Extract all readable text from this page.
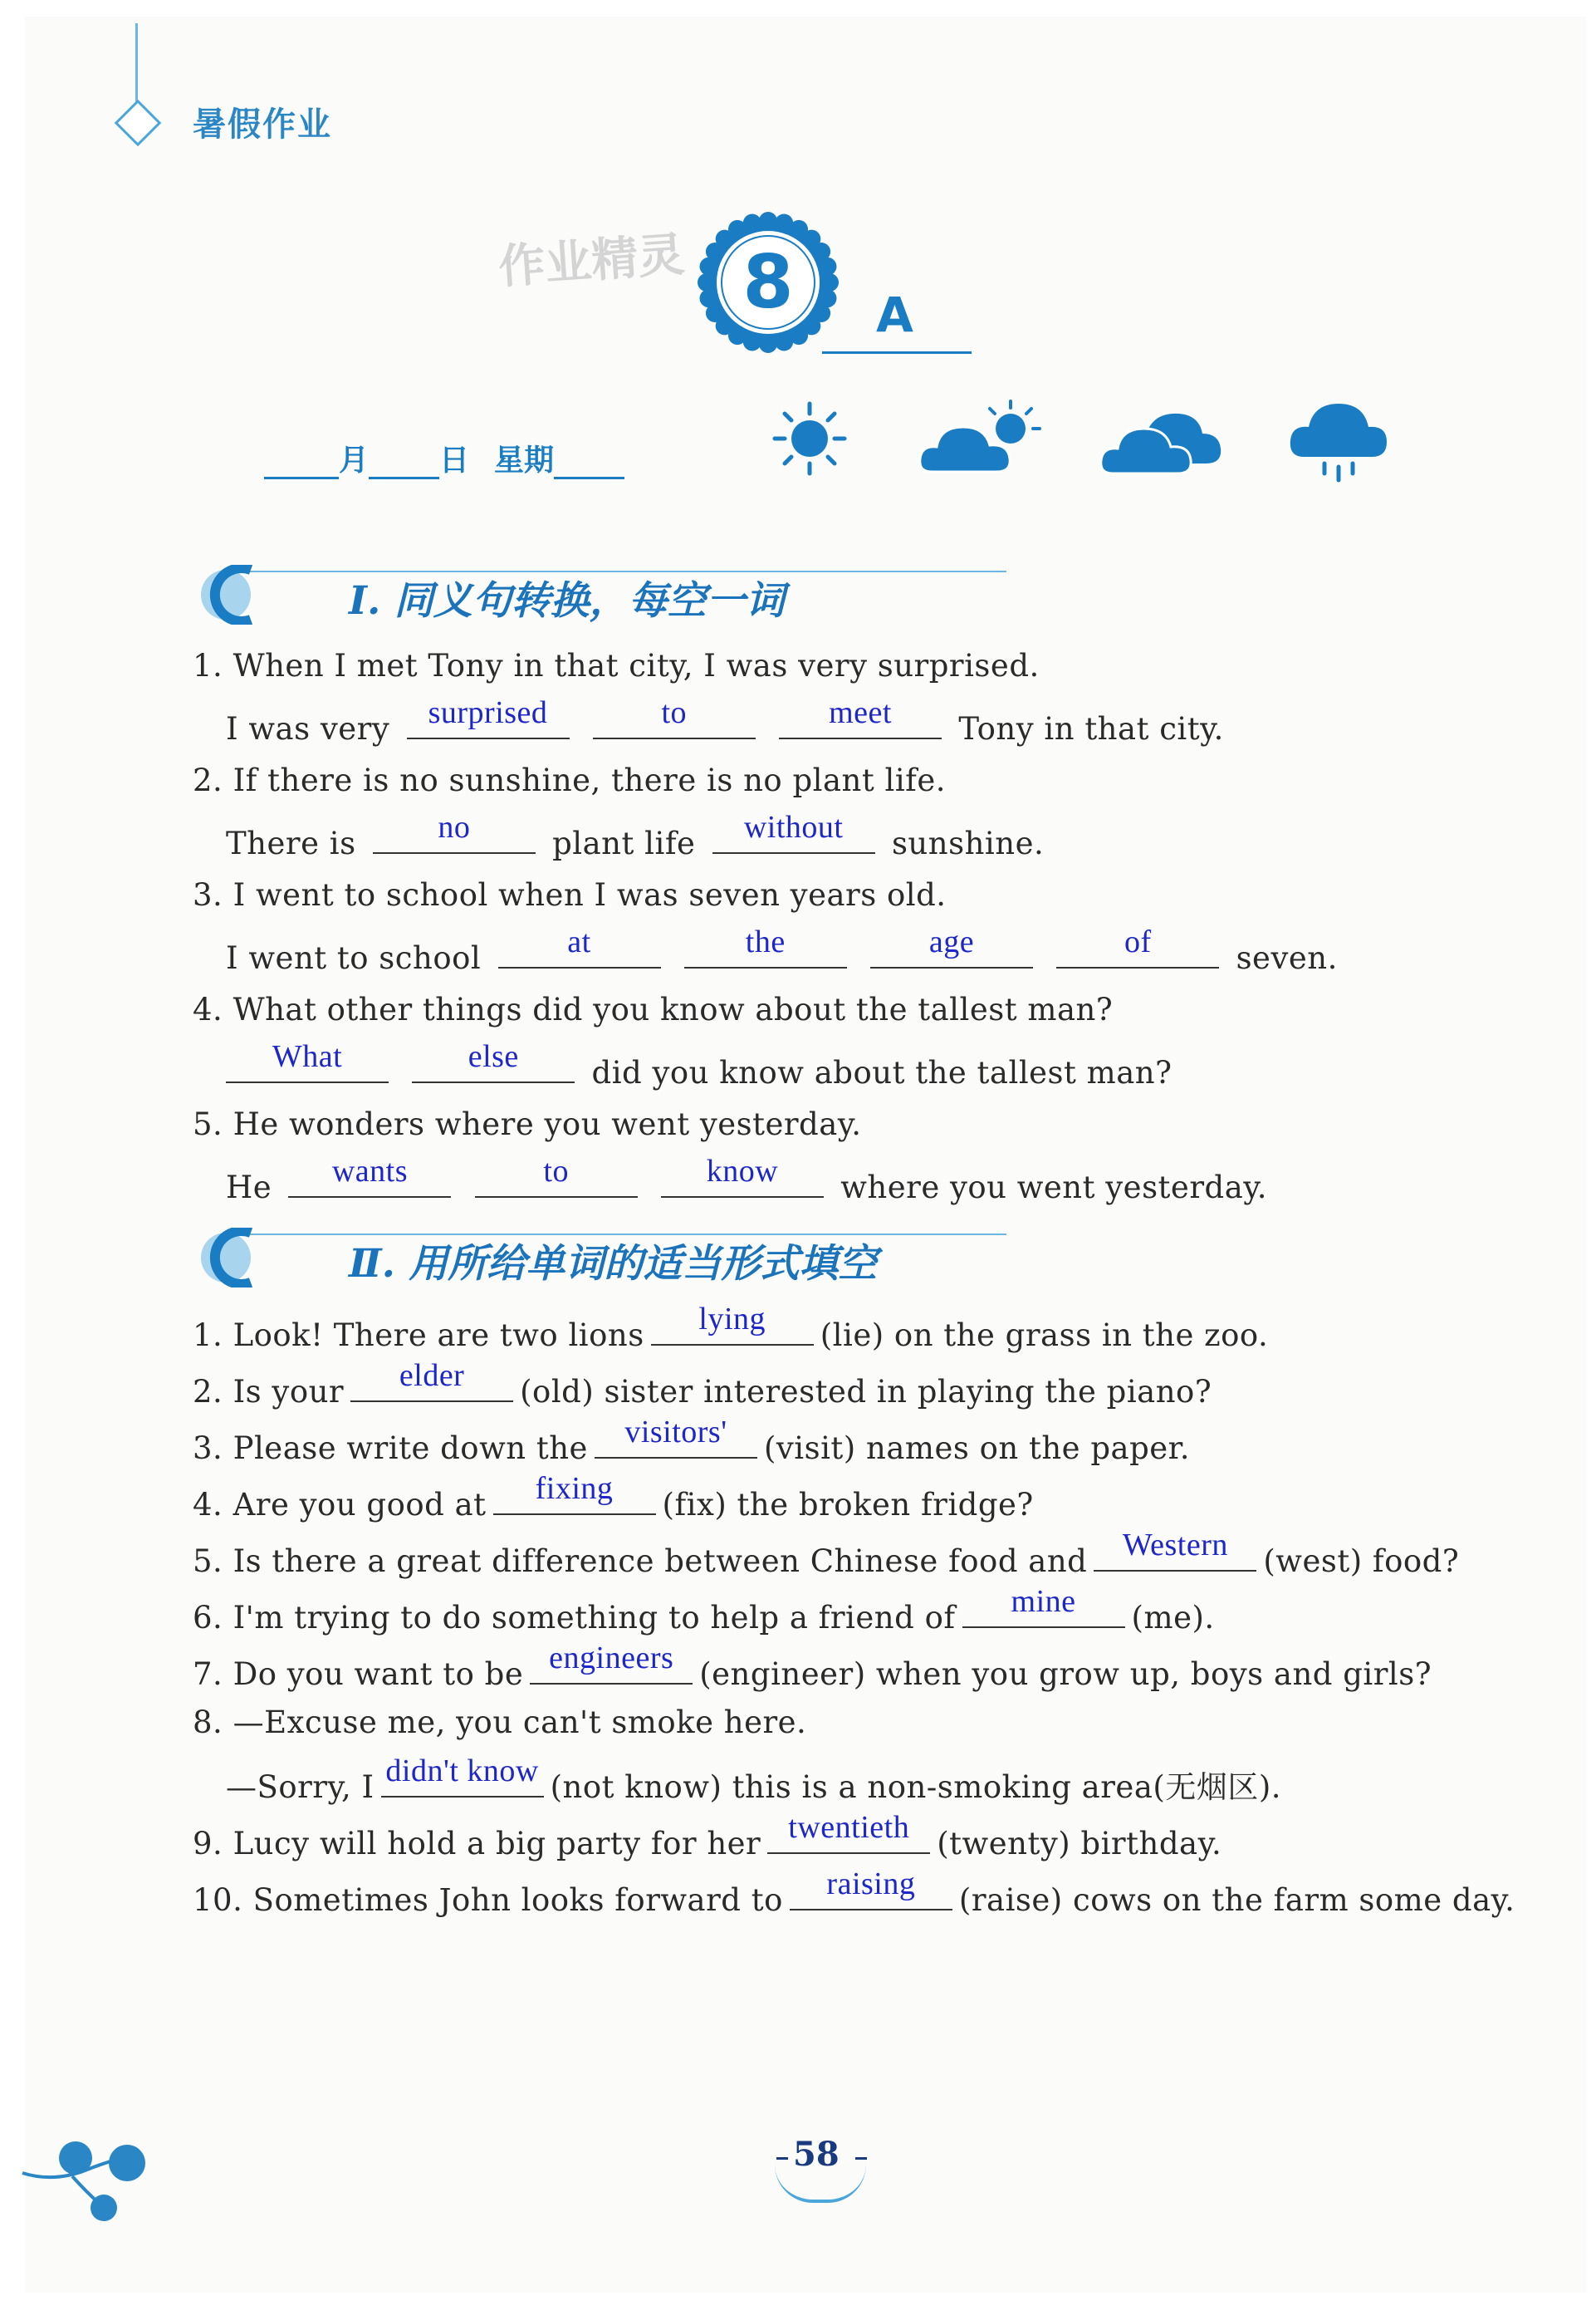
暑假作业
作业精灵 8 A
月 日 星期
Ⅰ. 同义句转换，每空一词
1. When I met Tony in that city, I was very surprised.
I was very	surprised
	to
	meet	Tony in that city.
2. If there is no sunshine, there is no plant life.
There is	no	plant life	without	sunshine.
3. I went to school when I was seven years old.
I went to school	at
	the
	age
	of	seven.
4. What other things did you know about the tallest man?
What
	else	did you know about the tallest man?
5. He wonders where you went yesterday.
He	wants
	to
	know	where you went yesterday.
Ⅱ. 用所给单词的适当形式填空
1. Look! There are two lions	lying	(lie) on the grass in the zoo.
2. Is your	elder	(old) sister interested in playing the piano?
3. Please write down the	visitors'	(visit) names on the paper.
4. Are you good at	fixing	(fix) the broken fridge?
5. Is there a great difference between Chinese food and	Western	(west) food?
6. I'm trying to do something to help a friend of	mine	(me).
7. Do you want to be engineers (engineer) when you grow up, boys and girls?
8. —Excuse me, you can't smoke here.
—Sorry, I didn't know (not know) this is a non-smoking area(无烟区).
9. Lucy will hold a big party for her twentieth (twenty) birthday.
10. Sometimes John looks forward to	raising	(raise) cows on the farm some day.
58
